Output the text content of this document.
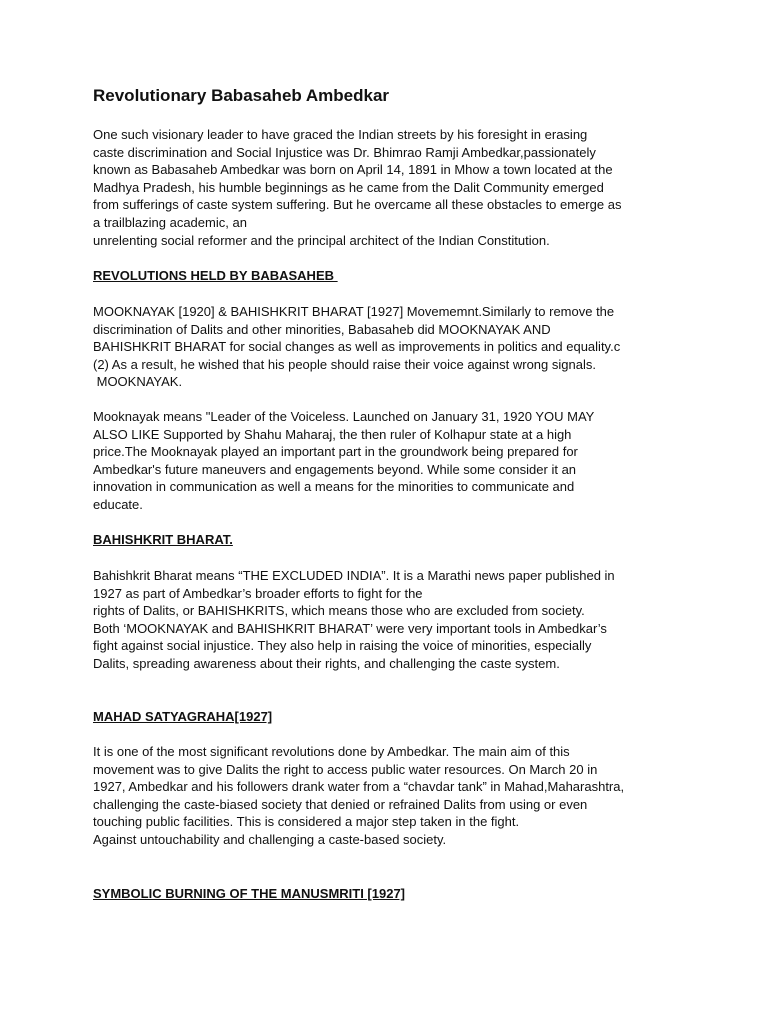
Revolutionary Babasaheb Ambedkar
One such visionary leader to have graced the Indian streets by his foresight in erasing
caste discrimination and Social Injustice was Dr. Bhimrao Ramji Ambedkar,passionately
known as Babasaheb Ambedkar was born on April 14, 1891 in Mhow a town located at the
Madhya Pradesh, his humble beginnings as he came from the Dalit Community emerged
from sufferings of caste system suffering. But he overcame all these obstacles to emerge as
a trailblazing academic, an
unrelenting social reformer and the principal architect of the Indian Constitution.
REVOLUTIONS HELD BY BABASAHEB
MOOKNAYAK [1920] & BAHISHKRIT BHARAT [1927] Movememnt.Similarly to remove the
discrimination of Dalits and other minorities, Babasaheb did MOOKNAYAK AND
BAHISHKRIT BHARAT for social changes as well as improvements in politics and equality.c
(2) As a result, he wished that his people should raise their voice against wrong signals.
MOOKNAYAK.
Mooknayak means "Leader of the Voiceless. Launched on January 31, 1920 YOU MAY
ALSO LIKE Supported by Shahu Maharaj, the then ruler of Kolhapur state at a high
price.The Mooknayak played an important part in the groundwork being prepared for
Ambedkar's future maneuvers and engagements beyond. While some consider it an
innovation in communication as well a means for the minorities to communicate and
educate.
BAHISHKRIT BHARAT.
Bahishkrit Bharat means “THE EXCLUDED INDIA”. It is a Marathi news paper published in
1927 as part of Ambedkar’s broader efforts to fight for the
rights of Dalits, or BAHISHKRITS, which means those who are excluded from society.
Both ‘MOOKNAYAK and BAHISHKRIT BHARAT’ were very important tools in Ambedkar’s
fight against social injustice. They also help in raising the voice of minorities, especially
Dalits, spreading awareness about their rights, and challenging the caste system.
MAHAD SATYAGRAHA[1927]
It is one of the most significant revolutions done by Ambedkar. The main aim of this
movement was to give Dalits the right to access public water resources. On March 20 in
1927, Ambedkar and his followers drank water from a “chavdar tank” in Mahad,Maharashtra,
challenging the caste-biased society that denied or refrained Dalits from using or even
touching public facilities. This is considered a major step taken in the fight.
Against untouchability and challenging a caste-based society.
SYMBOLIC BURNING OF THE MANUSMRITI [1927]
